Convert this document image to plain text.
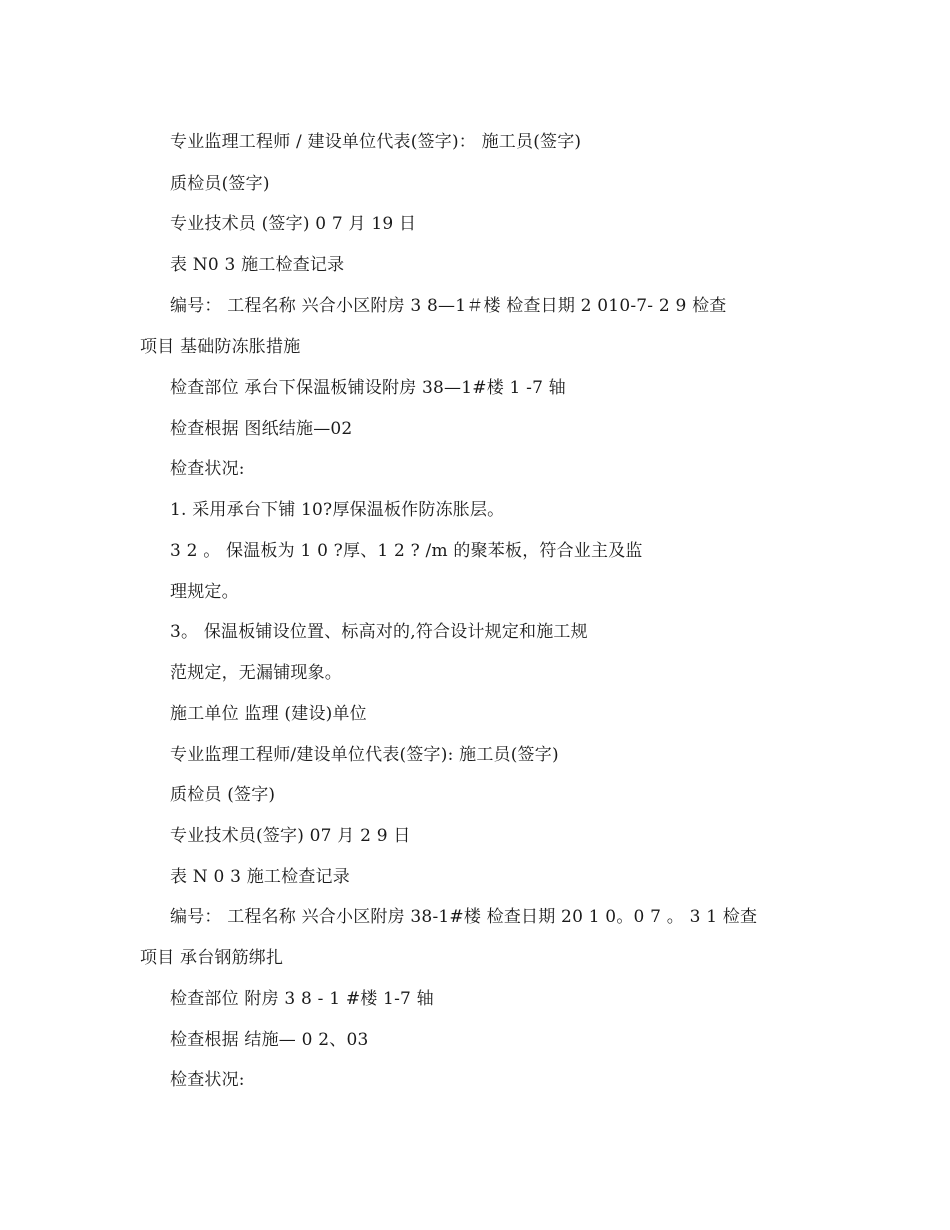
专业监理工程师 / 建设单位代表(签字)： 施工员(签字)
质检员(签字)
专业技术员 (签字) 0 7 月 19 日
表 N0 3 施工检查记录
编号： 工程名称 兴合小区附房 3 8—1＃楼 检查日期 2 010-7- 2 9 检查
项目 基础防冻胀措施
检查部位 承台下保温板铺设附房 38—1#楼 1 -7 轴
检查根据 图纸结施—02
检查状况:
1. 采用承台下铺 10?厚保温板作防冻胀层。
3 2 。 保温板为 1 0 ?厚、1 2 ? /m 的聚苯板，符合业主及监
理规定。
3。 保温板铺设位置、标高对的,符合设计规定和施工规
范规定，无漏铺现象。
施工单位 监理 (建设)单位
专业监理工程师/建设单位代表(签字): 施工员(签字)
质检员 (签字)
专业技术员(签字) 07 月 2 9 日
表 N 0 3 施工检查记录
编号： 工程名称 兴合小区附房 38-1#楼 检查日期 20 1 0。0 7 。 3 1 检查
项目 承台钢筋绑扎
检查部位 附房 3 8 - 1 #楼 1-7 轴
检查根据 结施— 0 2、03
检查状况:
